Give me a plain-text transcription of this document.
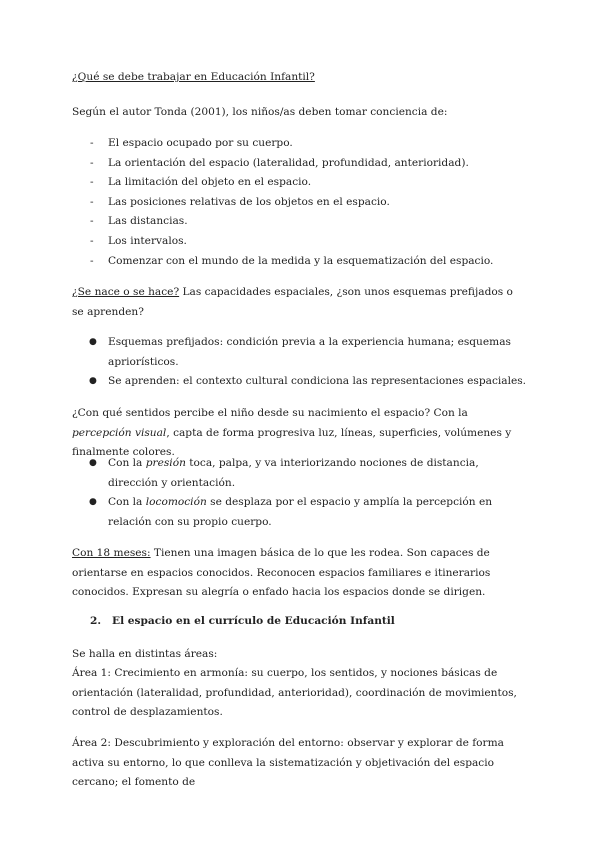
¿Qué se debe trabajar en Educación Infantil?

Según el autor Tonda (2001), los niños/as deben tomar conciencia de:

- El espacio ocupado por su cuerpo.
- La orientación del espacio (lateralidad, profundidad, anterioridad).
- La limitación del objeto en el espacio.
- Las posiciones relativas de los objetos en el espacio.
- Las distancias.
- Los intervalos.
- Comenzar con el mundo de la medida y la esquematización del espacio.

¿Se nace o se hace? Las capacidades espaciales, ¿son unos esquemas prefijados o se aprenden?

● Esquemas prefijados: condición previa a la experiencia humana; esquemas apriorísticos.
● Se aprenden: el contexto cultural condiciona las representaciones espaciales.

¿Con qué sentidos percibe el niño desde su nacimiento el espacio? Con la percepción visual, capta de forma progresiva luz, líneas, superficies, volúmenes y finalmente colores.

● Con la presión toca, palpa, y va interiorizando nociones de distancia, dirección y orientación.
● Con la locomoción se desplaza por el espacio y amplía la percepción en relación con su propio cuerpo.

Con 18 meses: Tienen una imagen básica de lo que les rodea. Son capaces de orientarse en espacios conocidos. Reconocen espacios familiares e itinerarios conocidos. Expresan su alegría o enfado hacia los espacios donde se dirigen.

2. El espacio en el currículo de Educación Infantil

Se halla en distintas áreas:

Área 1: Crecimiento en armonía: su cuerpo, los sentidos, y nociones básicas de orientación (lateralidad, profundidad, anterioridad), coordinación de movimientos, control de desplazamientos.

Área 2: Descubrimiento y exploración del entorno: observar y explorar de forma activa su entorno, lo que conlleva la sistematización y objetivación del espacio cercano; el fomento de
